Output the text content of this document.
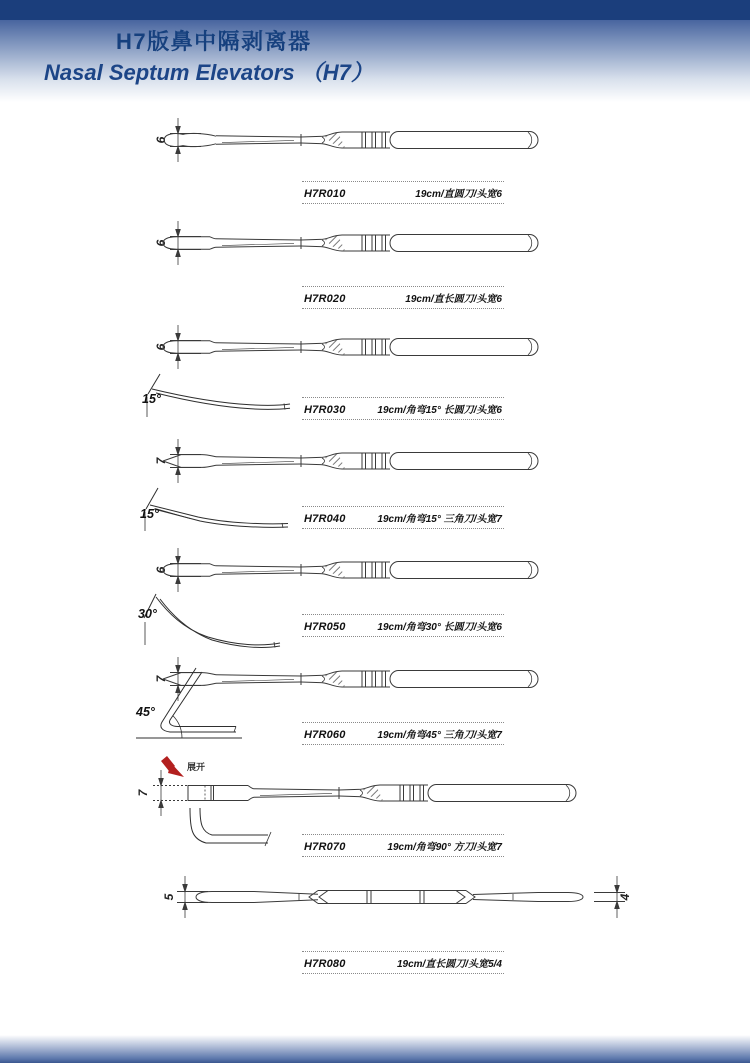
H7版鼻中隔剥离器
Nasal Septum Elevators （H7）
6
H7R010	19cm/直圆刀/头宽6
6
H7R020	19cm/直长圆刀/头宽6
6
15°
H7R030	19cm/角弯15° 长圆刀/头宽6
7
15°	H7R040	19cm/角弯15° 三角刀/头宽7
6
30°
H7R050	19cm/角弯30° 长圆刀/头宽6
7
45°
H7R060	19cm/角弯45° 三角刀/头宽7
展开
7
H7R070	19cm/角弯90° 方刀/头宽7
5	4
H7R080	19cm/直长圆刀/头宽5/4
